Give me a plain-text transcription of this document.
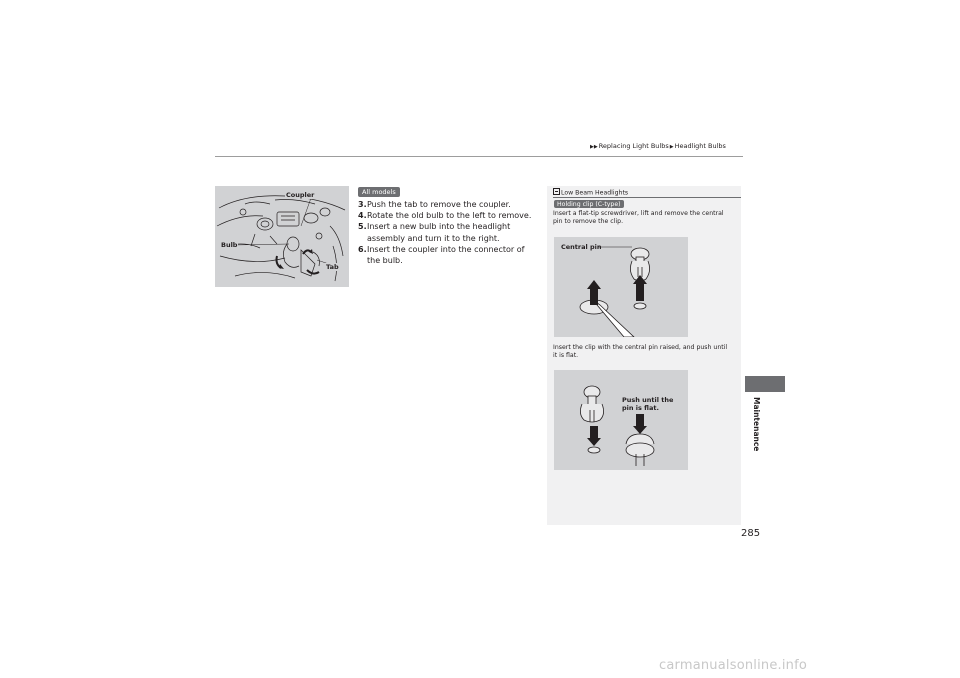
▶▶Replacing Light Bulbs▶Headlight Bulbs
Coupler
Bulb
Tab
All models
3. Push the tab to remove the coupler.
4. Rotate the old bulb to the left to remove.
5. Insert a new bulb into the headlight assembly and turn it to the right.
6. Insert the coupler into the connector of the bulb.
Low Beam Headlights
Holding clip (C-type)
Insert a flat-tip screwdriver, lift and remove the central pin to remove the clip.
Central pin
Insert the clip with the central pin raised, and push until it is flat.
Push until the
pin is flat.	Maintenance
285
carmanualsonline.info
